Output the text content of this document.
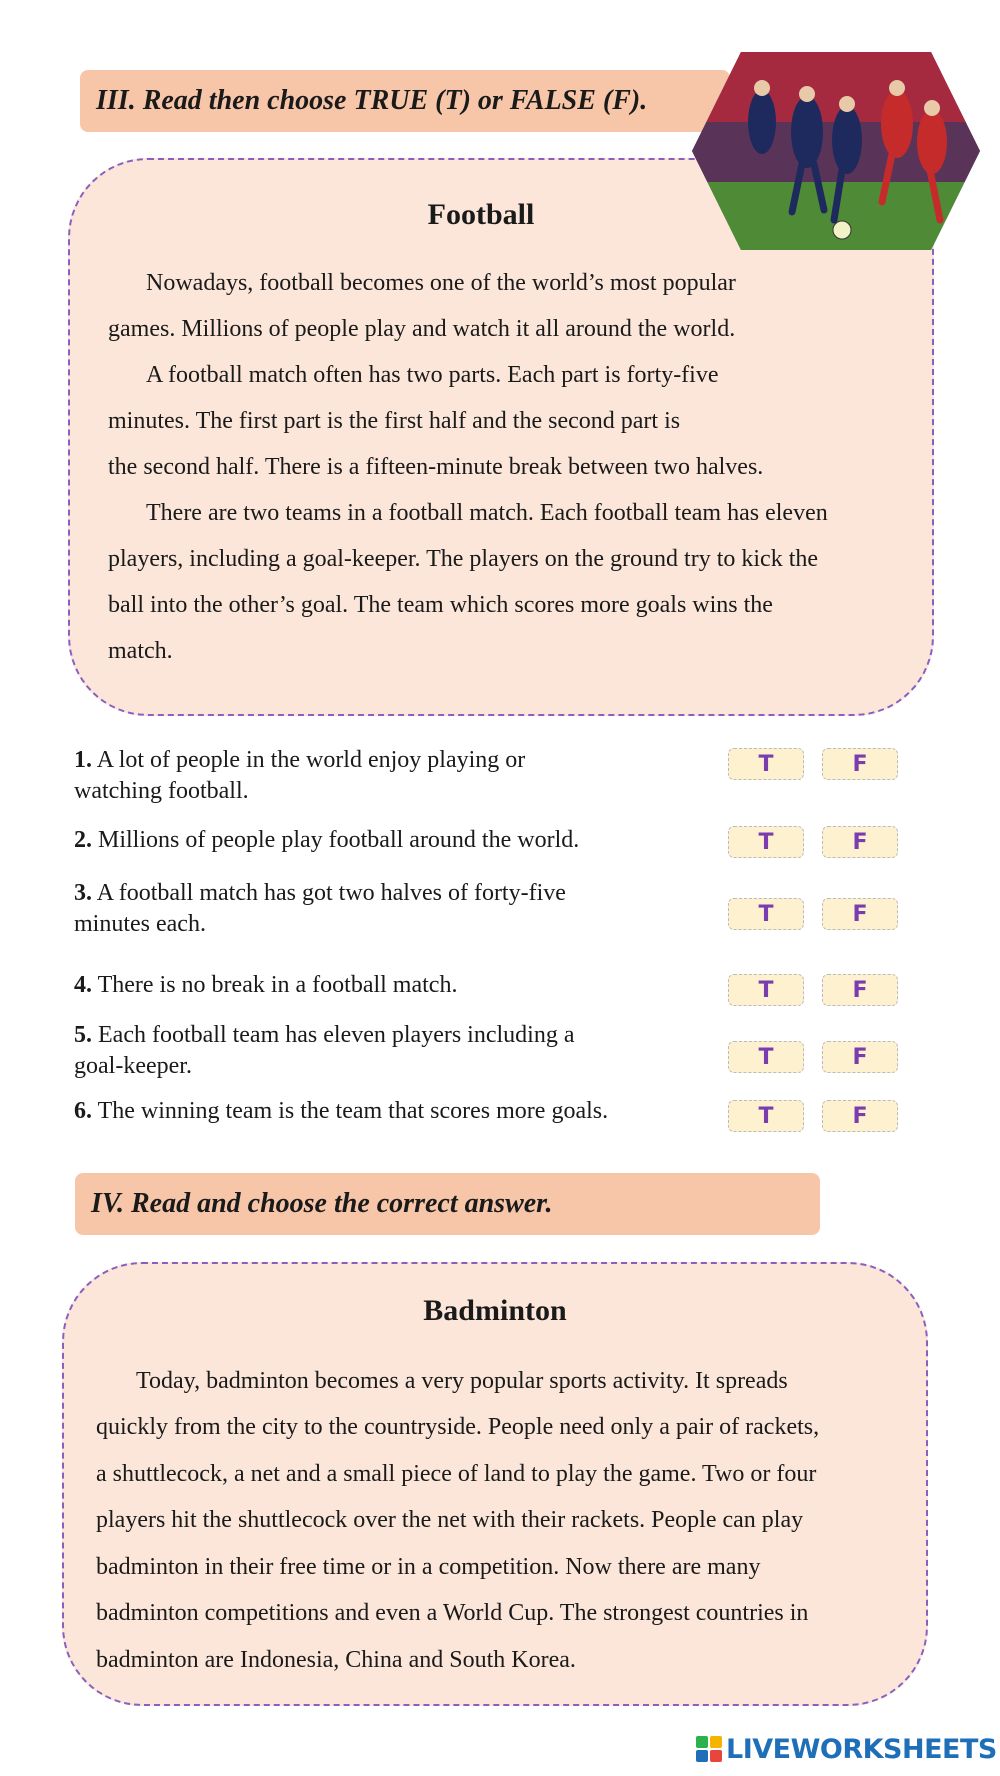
III. Read then choose TRUE (T) or FALSE (F).
Football
Nowadays, football becomes one of the world’s most popular
games. Millions of people play and watch it all around the world.
A football match often has two parts. Each part is forty-five
minutes. The first part is the first half and the second part is
the second half. There is a fifteen-minute break between two halves.
There are two teams in a football match. Each football team has eleven
players, including a goal-keeper. The players on the ground try to kick the
ball into the other’s goal. The team which scores more goals wins the
match.
1. A lot of people in the world enjoy playing or
watching football.
T	F
2. Millions of people play football around the world.	T	F
3. A football match has got two halves of forty-five
minutes each.	T	F
4. There is no break in a football match.	T	F
5. Each football team has eleven players including a
goal-keeper.	T	F
6. The winning team is the team that scores more goals.	T	F
IV. Read and choose the correct answer.
Badminton
Today, badminton becomes a very popular sports activity. It spreads
quickly from the city to the countryside. People need only a pair of rackets,
a shuttlecock, a net and a small piece of land to play the game. Two or four
players hit the shuttlecock over the net with their rackets. People can play
badminton in their free time or in a competition. Now there are many
badminton competitions and even a World Cup. The strongest countries in
badminton are Indonesia, China and South Korea.
LIVEWORKSHEETS
